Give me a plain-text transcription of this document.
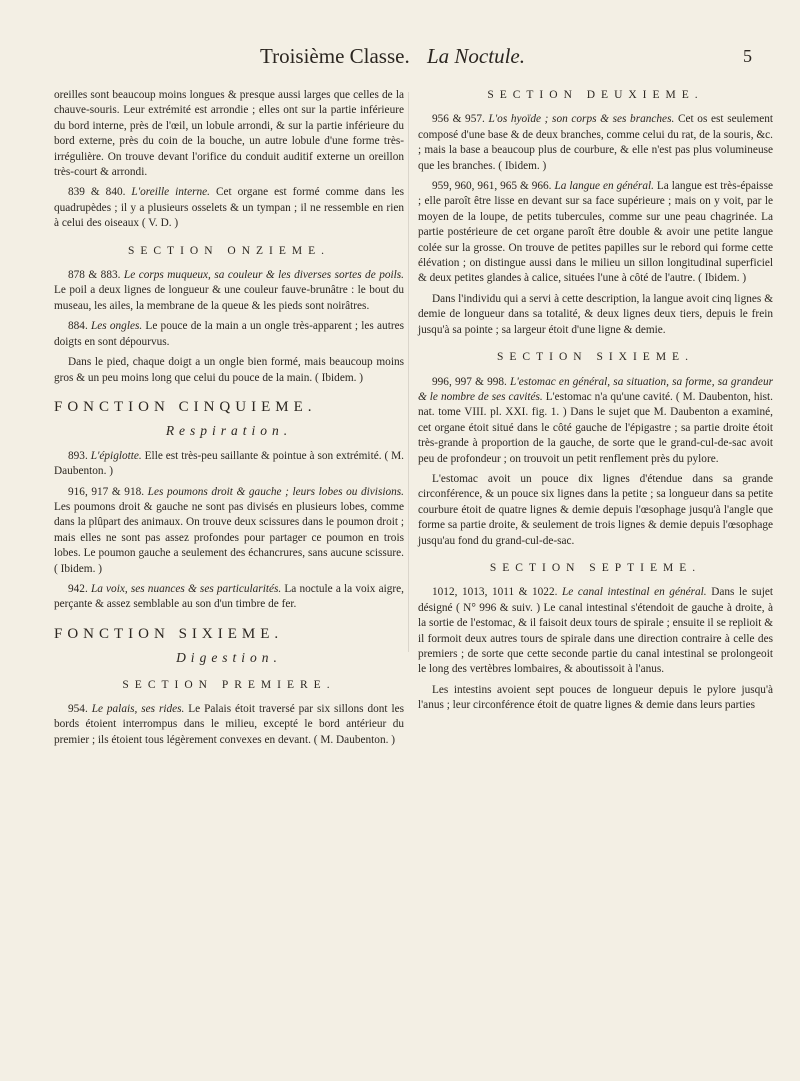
Troisième Classe. La Noctule.	5

oreilles sont beaucoup moins longues & presque aussi larges que celles de la chauve-souris. Leur extrémité est arrondie ; elles ont sur la partie inférieure du bord interne, près de l'œil, un lobule arrondi, & sur la partie inférieure du bord externe, près du coin de la bouche, un autre lobule d'une forme très-irrégulière. On trouve devant l'orifice du conduit auditif externe un oreillon très-court & arrondi.

839 & 840. L'oreille interne. Cet organe est formé comme dans les quadrupèdes ; il y a plusieurs osselets & un tympan ; il ne ressemble en rien à celui des oiseaux ( V. D. )

SECTION ONZIEME.

878 & 883. Le corps muqueux, sa couleur & les diverses sortes de poils. Le poil a deux lignes de longueur & une couleur fauve-brunâtre : le bout du museau, les ailes, la membrane de la queue & les pieds sont noirâtres.

884. Les ongles. Le pouce de la main a un ongle très-apparent ; les autres doigts en sont dépourvus.

Dans le pied, chaque doigt a un ongle bien formé, mais beaucoup moins gros & un peu moins long que celui du pouce de la main. ( Ibidem. )

FONCTION CINQUIEME.
Respiration.

893. L'épiglotte. Elle est très-peu saillante & pointue à son extrémité. ( M. Daubenton. )

916, 917 & 918. Les poumons droit & gauche ; leurs lobes ou divisions. Les poumons droit & gauche ne sont pas divisés en plusieurs lobes, comme dans la plûpart des animaux. On trouve deux scissures dans le poumon droit ; mais elles ne sont pas assez profondes pour partager ce poumon en trois lobes. Le poumon gauche a seulement des échancrures, sans aucune scissure. ( Ibidem. )

942. La voix, ses nuances & ses particularités. La noctule a la voix aigre, perçante & assez semblable au son d'un timbre de fer.

FONCTION SIXIEME.
Digestion.
SECTION PREMIERE.

954. Le palais, ses rides. Le Palais étoit traversé par six sillons dont les bords étoient interrompus dans le milieu, excepté le bord antérieur du premier ; ils étoient tous légèrement convexes en devant. ( M. Daubenton. )

SECTION DEUXIEME.

956 & 957. L'os hyoïde ; son corps & ses branches. Cet os est seulement composé d'une base & de deux branches, comme celui du rat, de la souris, &c. ; mais la base a beaucoup plus de courbure, & elle n'est pas plus volumineuse que les branches. ( Ibidem. )

959, 960, 961, 965 & 966. La langue en général. La langue est très-épaisse ; elle paroît être lisse en devant sur sa face supérieure ; mais on y voit, par le moyen de la loupe, de petits tubercules, comme sur une peau chagrinée. La partie postérieure de cet organe paroît être double & avoir une petite langue colée sur la grosse. On trouve de petites papilles sur le rebord qui forme cette élévation ; on distingue aussi dans le milieu un sillon longitudinal superficiel & deux petites glandes à calice, situées l'une à côté de l'autre. ( Ibidem. )

Dans l'individu qui a servi à cette description, la langue avoit cinq lignes & demie de longueur dans sa totalité, & deux lignes deux tiers, depuis le frein jusqu'à sa pointe ; sa largeur étoit d'une ligne & demie.

SECTION SIXIEME.

996, 997 & 998. L'estomac en général, sa situation, sa forme, sa grandeur & le nombre de ses cavités. L'estomac n'a qu'une cavité. ( M. Daubenton, hist. nat. tome VIII. pl. XXI. fig. 1. ) Dans le sujet que M. Daubenton a examiné, cet organe étoit situé dans le côté gauche de l'épigastre ; sa partie droite étoit très-grande à proportion de la gauche, de sorte que le grand-cul-de-sac avoit peu de profondeur ; on trouvoit un petit renflement près du pylore.

L'estomac avoit un pouce dix lignes d'étendue dans sa grande circonférence, & un pouce six lignes dans la petite ; sa longueur dans sa petite courbure étoit de quatre lignes & demie depuis l'œsophage jusqu'à l'angle que forme sa partie droite, & seulement de trois lignes & demie depuis l'œsophage jusqu'au fond du grand-cul-de-sac.

SECTION SEPTIEME.

1012, 1013, 1011 & 1022. Le canal intestinal en général. Dans le sujet désigné ( N° 996 & suiv. ) Le canal intestinal s'étendoit de gauche à droite, à la sortie de l'estomac, & il faisoit deux tours de spirale ; ensuite il se replioit & il formoit deux autres tours de spirale dans une direction contraire à celle des premiers ; de sorte que cette seconde partie du canal intestinal se prolongeoit le long des vertèbres lombaires, & aboutissoit à l'anus.

Les intestins avoient sept pouces de longueur depuis le pylore jusqu'à l'anus ; leur circonférence étoit de quatre lignes & demie dans leurs parties
